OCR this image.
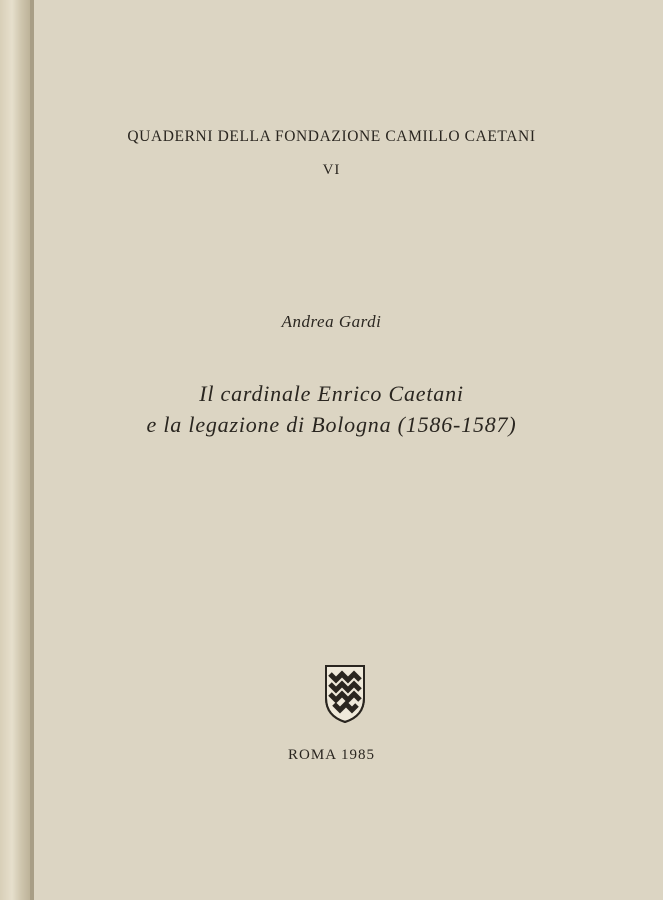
QUADERNI DELLA FONDAZIONE CAMILLO CAETANI
VI
Andrea Gardi
Il cardinale Enrico Caetani
e la legazione di Bologna (1586-1587)
ROMA 1985
